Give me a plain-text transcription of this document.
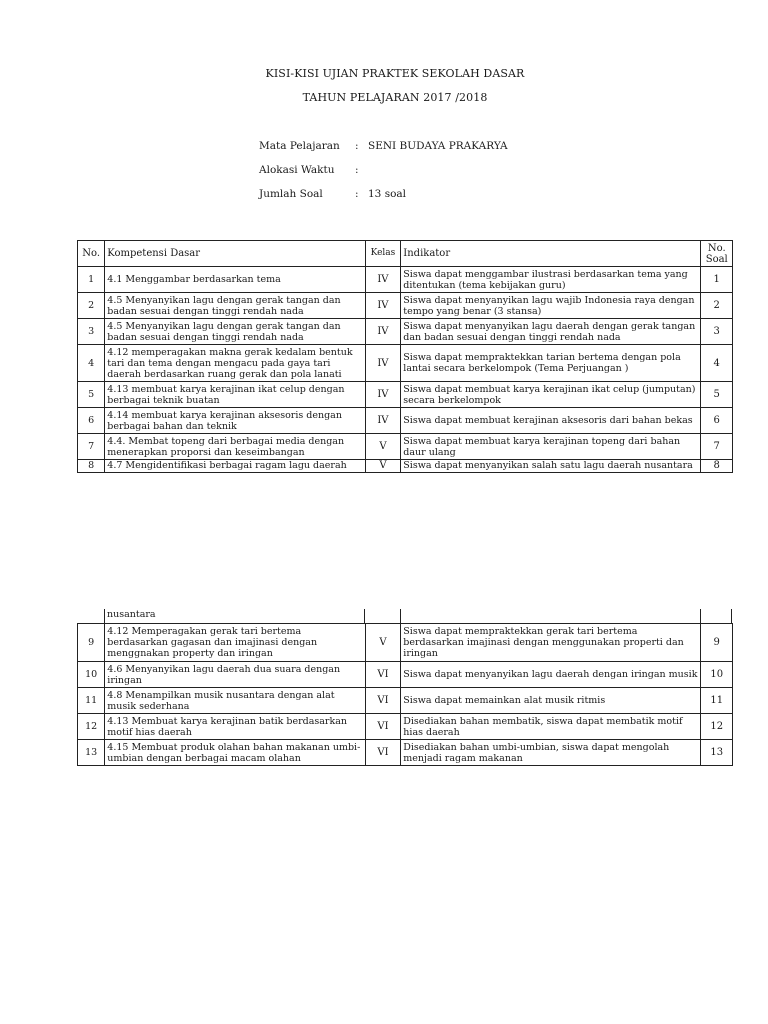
KISI-KISI UJIAN PRAKTEK SEKOLAH DASAR
TAHUN PELAJARAN 2017 /2018
Mata Pelajaran : SENI BUDAYA PRAKARYA
Alokasi Waktu :
Jumlah Soal	: 13 soal
No.	Kompetensi Dasar	Kelas	Indikator	No.
Soal

1	4.1 Menggambar berdasarkan tema	IV	Siswa dapat menggambar ilustrasi berdasarkan tema yang ditentukan (tema kebijakan guru)	1
2	4.5 Menyanyikan lagu dengan gerak tangan dan badan sesuai dengan tinggi rendah nada	IV	Siswa dapat menyanyikan lagu wajib Indonesia raya dengan tempo yang benar (3 stansa)	2
3	4.5 Menyanyikan lagu dengan gerak tangan dan badan sesuai dengan tinggi rendah nada	IV	Siswa dapat menyanyikan lagu daerah dengan gerak tangan dan badan sesuai dengan tinggi rendah nada	3
4	4.12 memperagakan makna gerak kedalam bentuk tari dan tema dengan mengacu pada gaya tari daerah berdasarkan ruang gerak dan pola lanati	IV	Siswa dapat mempraktekkan tarian bertema dengan pola lantai secara berkelompok (Tema Perjuangan )	4
5	4.13 membuat karya kerajinan ikat celup dengan berbagai teknik buatan	IV	Siswa dapat membuat karya kerajinan ikat celup (jumputan) secara berkelompok	5
6	4.14 membuat karya kerajinan aksesoris dengan berbagai bahan dan teknik	IV	Siswa dapat membuat kerajinan aksesoris dari bahan bekas	6
7	4.4. Membat topeng dari berbagai media dengan menerapkan proporsi dan keseimbangan	V	Siswa dapat membuat karya kerajinan topeng dari bahan daur ulang	7
8	4.7 Mengidentifikasi berbagai ragam lagu daerah	V	Siswa dapat menyanyikan salah satu lagu daerah nusantara	8
nusantara			
9	4.12 Memperagakan gerak tari bertema berdasarkan gagasan dan imajinasi dengan menggnakan property dan iringan	V	Siswa dapat mempraktekkan gerak tari bertema berdasarkan imajinasi dengan menggunakan properti dan iringan	9
10	4.6 Menyanyikan lagu daerah dua suara dengan iringan	VI	Siswa dapat menyanyikan lagu daerah dengan iringan musik	10
11	4.8 Menampilkan musik nusantara dengan alat musik sederhana	VI	Siswa dapat memainkan alat musik ritmis	11
12	4.13 Membuat karya kerajinan batik berdasarkan motif hias daerah	VI	Disediakan bahan membatik, siswa dapat membatik motif hias daerah	12
13	4.15 Membuat produk olahan bahan makanan umbi-umbian dengan berbagai macam olahan	VI	Disediakan bahan umbi-umbian, siswa dapat mengolah menjadi ragam makanan	13
